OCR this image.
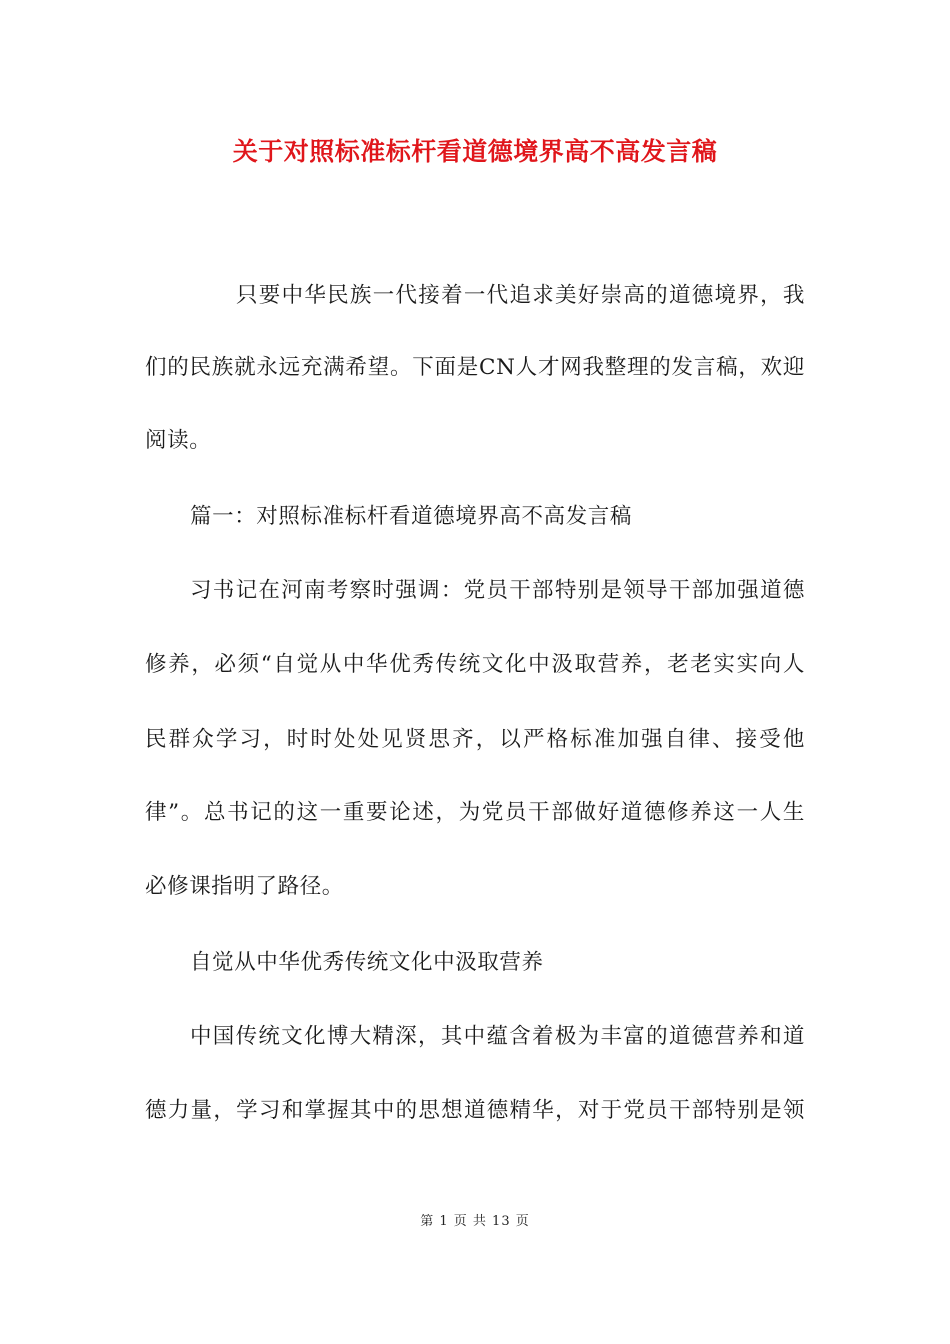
关于对照标准标杆看道德境界高不高发言稿
只要中华民族一代接着一代追求美好崇高的道德境界，我
们的民族就永远充满希望。下面是CN人才网我整理的发言稿，欢迎
阅读。
篇一：对照标准标杆看道德境界高不高发言稿
习书记在河南考察时强调：党员干部特别是领导干部加强道德
修养，必须“自觉从中华优秀传统文化中汲取营养，老老实实向人
民群众学习，时时处处见贤思齐，以严格标准加强自律、接受他
律”。总书记的这一重要论述，为党员干部做好道德修养这一人生
必修课指明了路径。
自觉从中华优秀传统文化中汲取营养
中国传统文化博大精深，其中蕴含着极为丰富的道德营养和道
德力量，学习和掌握其中的思想道德精华，对于党员干部特别是领
第 1 页 共 13 页
